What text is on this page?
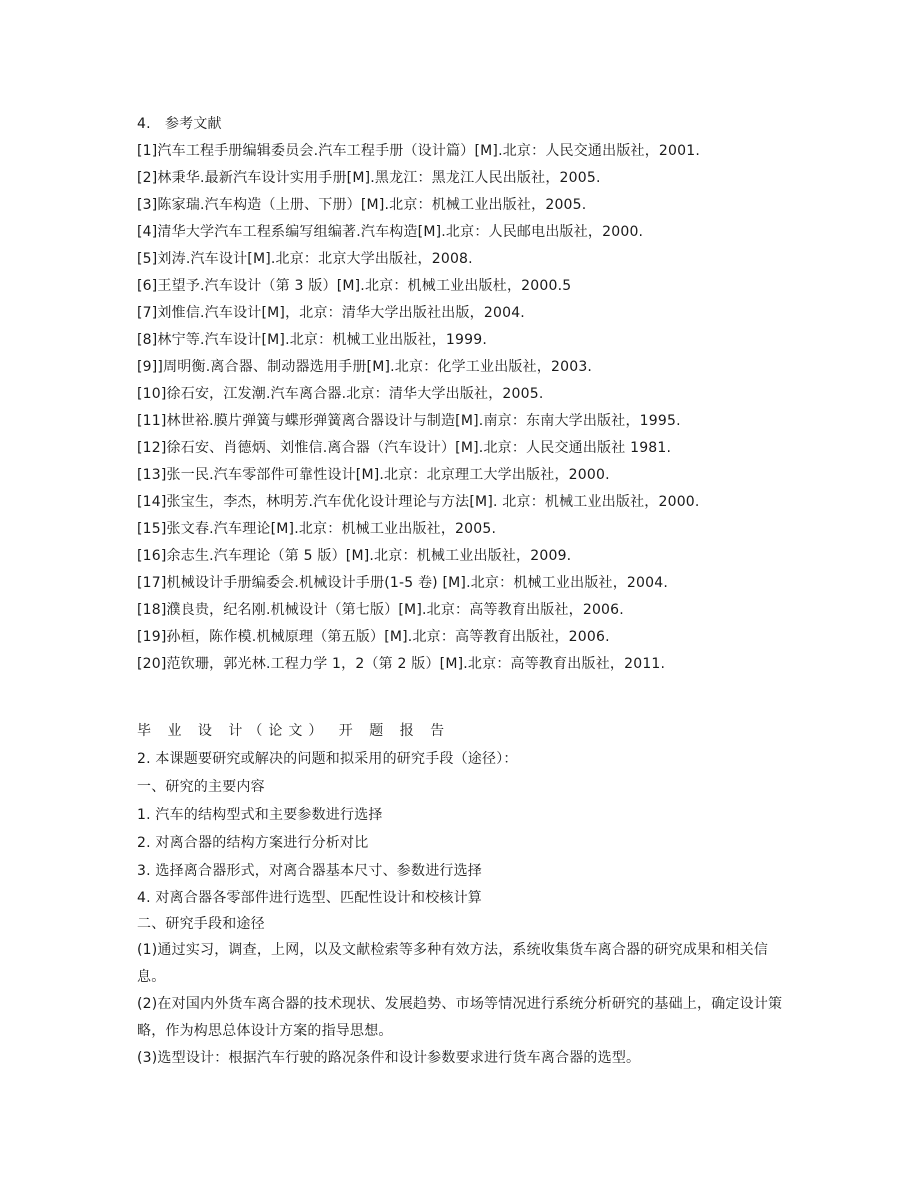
4.　参考文献
[1]汽车工程手册编辑委员会.汽车工程手册（设计篇）[M].北京：人民交通出版社，2001.
[2]林秉华.最新汽车设计实用手册[M].黑龙江：黑龙江人民出版社，2005.
[3]陈家瑞.汽车构造（上册、下册）[M].北京：机械工业出版社，2005.
[4]清华大学汽车工程系编写组编著.汽车构造[M].北京：人民邮电出版社，2000.
[5]刘涛.汽车设计[M].北京：北京大学出版社，2008.
[6]王望予.汽车设计（第 3 版）[M].北京：机械工业出版杜，2000.5
[7]刘惟信.汽车设计[M]，北京：清华大学出版社出版，2004.
[8]林宁等.汽车设计[M].北京：机械工业出版社，1999.
[9]]周明衡.离合器、制动器选用手册[M].北京：化学工业出版社，2003.
[10]徐石安，江发潮.汽车离合器.北京：清华大学出版社，2005.
[11]林世裕.膜片弹簧与蝶形弹簧离合器设计与制造[M].南京：东南大学出版社，1995.
[12]徐石安、肖德炳、刘惟信.离合器（汽车设计）[M].北京：人民交通出版社 1981.
[13]张一民.汽车零部件可靠性设计[M].北京：北京理工大学出版社，2000.
[14]张宝生，李杰，林明芳.汽车优化设计理论与方法[M]. 北京：机械工业出版社，2000.
[15]张文春.汽车理论[M].北京：机械工业出版社，2005.
[16]余志生.汽车理论（第 5 版）[M].北京：机械工业出版社，2009.
[17]机械设计手册编委会.机械设计手册(1-5 卷) [M].北京：机械工业出版社，2004.
[18]濮良贵，纪名刚.机械设计（第七版）[M].北京：高等教育出版社，2006.
[19]孙桓，陈作模.机械原理（第五版）[M].北京：高等教育出版社，2006.
[20]范钦珊，郭光林.工程力学 1，2（第 2 版）[M].北京：高等教育出版社，2011.
毕 业 设 计（论文） 开 题 报 告
2. 本课题要研究或解决的问题和拟采用的研究手段（途径）：
一、研究的主要内容
1. 汽车的结构型式和主要参数进行选择
2. 对离合器的结构方案进行分析对比
3. 选择离合器形式，对离合器基本尺寸、参数进行选择
4. 对离合器各零部件进行选型、匹配性设计和校核计算
二、研究手段和途径
(1)通过实习，调查，上网，以及文献检索等多种有效方法，系统收集货车离合器的研究成果和相关信息。
(2)在对国内外货车离合器的技术现状、发展趋势、市场等情况进行系统分析研究的基础上，确定设计策略，作为构思总体设计方案的指导思想。
(3)选型设计：根据汽车行驶的路况条件和设计参数要求进行货车离合器的选型。
